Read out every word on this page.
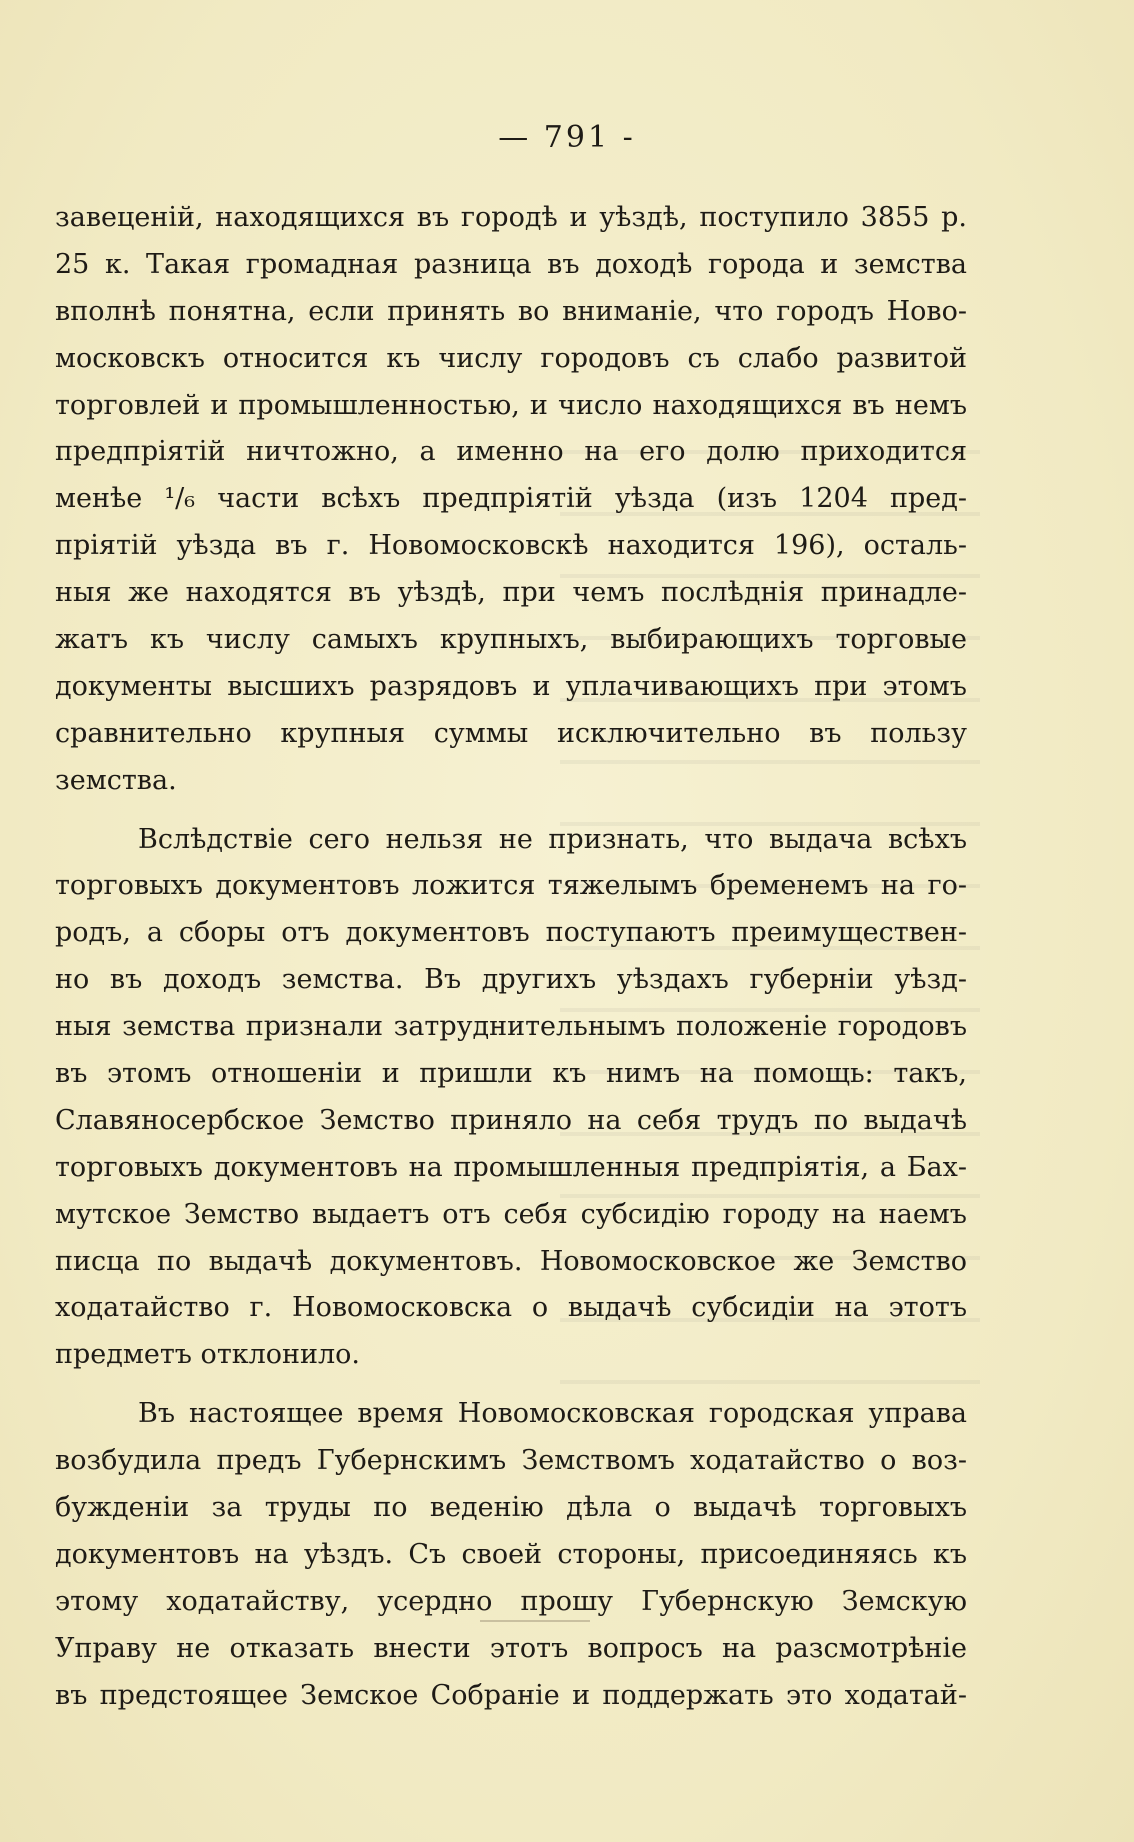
— 791 -
завеценій, находящихся въ городѣ и уѣздѣ, поступило 3855 р.
25 к. Такая громадная разница въ доходѣ города и земства
вполнѣ понятна, если принять во вниманіе, что городъ Ново-
московскъ относится къ числу городовъ съ слабо развитой
торговлей и промышленностью, и число находящихся въ немъ
предпріятій ничтожно, а именно на его долю приходится
менѣе ¹/₆ части всѣхъ предпріятій уѣзда (изъ 1204 пред-
пріятій уѣзда въ г. Новомосковскѣ находится 196), осталь-
ныя же находятся въ уѣздѣ, при чемъ послѣднія принадле-
жатъ къ числу самыхъ крупныхъ, выбирающихъ торговые
документы высшихъ разрядовъ и уплачивающихъ при этомъ
сравнительно крупныя суммы исключительно въ пользу
земства.
Вслѣдствіе сего нельзя не признать, что выдача всѣхъ
торговыхъ документовъ ложится тяжелымъ бременемъ на го-
родъ, а сборы отъ документовъ поступаютъ преимуществен-
но въ доходъ земства. Въ другихъ уѣздахъ губерніи уѣзд-
ныя земства признали затруднительнымъ положеніе городовъ
въ этомъ отношеніи и пришли къ нимъ на помощь: такъ,
Славяносербское Земство приняло на себя трудъ по выдачѣ
торговыхъ документовъ на промышленныя предпріятія, а Бах-
мутское Земство выдаетъ отъ себя субсидію городу на наемъ
писца по выдачѣ документовъ. Новомосковское же Земство
ходатайство г. Новомосковска о выдачѣ субсидіи на этотъ
предметъ отклонило.
Въ настоящее время Новомосковская городская управа
возбудила предъ Губернскимъ Земствомъ ходатайство о воз-
бужденіи за труды по веденію дѣла о выдачѣ торговыхъ
документовъ на уѣздъ. Съ своей стороны, присоединяясь къ
этому ходатайству, усердно прошу Губернскую Земскую
Управу не отказать внести этотъ вопросъ на разсмотрѣніе
въ предстоящее Земское Собраніе и поддержать это ходатай-
